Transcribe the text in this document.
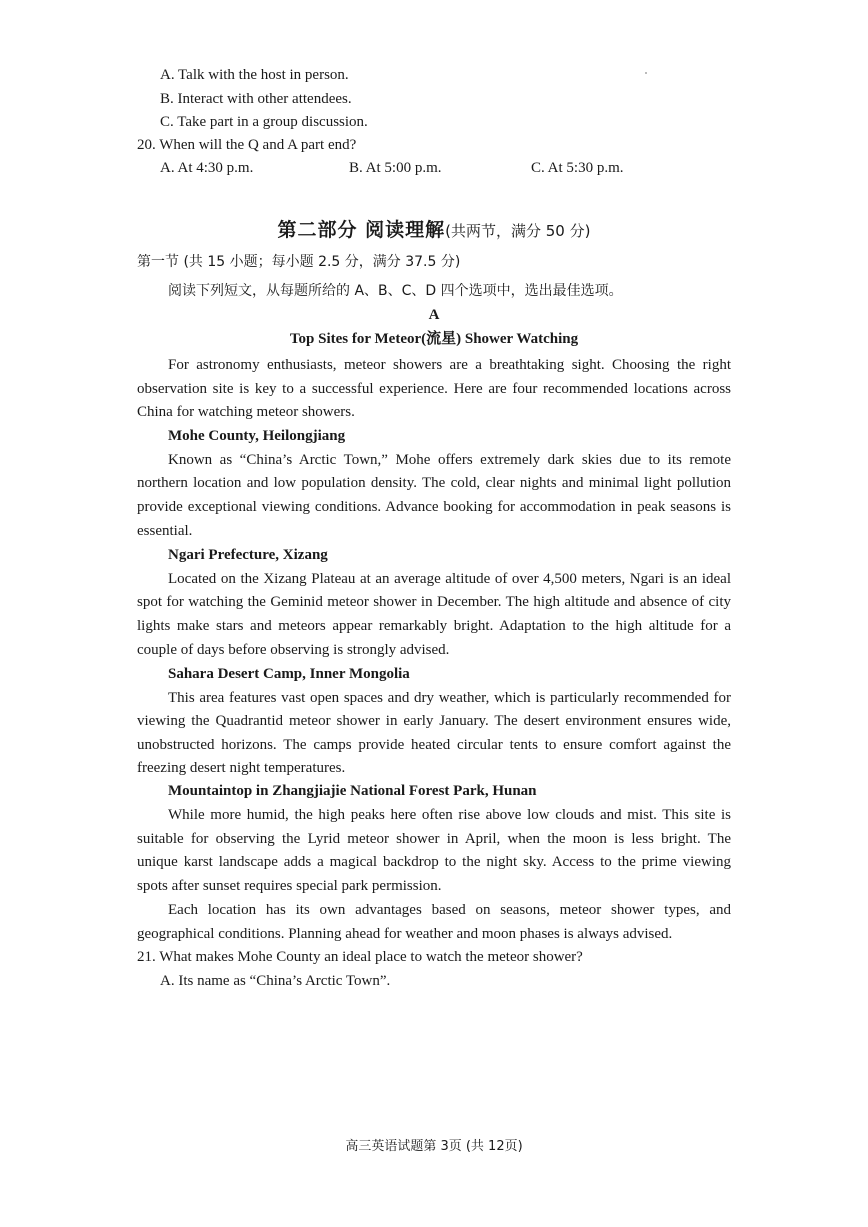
A. Talk with the host in person.
B. Interact with other attendees.
C. Take part in a group discussion.
20. When will the Q and A part end?
A. At 4:30 p.m.	B. At 5:00 p.m.	C. At 5:30 p.m.
第二部分 阅读理解(共两节，满分 50 分)
第一节 (共 15 小题；每小题 2.5 分，满分 37.5 分)
阅读下列短文，从每题所给的 A、B、C、D 四个选项中，选出最佳选项。
A
Top Sites for Meteor(流星) Shower Watching
For astronomy enthusiasts, meteor showers are a breathtaking sight. Choosing the right
observation site is key to a successful experience. Here are four recommended locations across
China for watching meteor showers.
Mohe County, Heilongjiang
Known as “China’s Arctic Town,” Mohe offers extremely dark skies due to its remote
northern location and low population density. The cold, clear nights and minimal light pollution
provide exceptional viewing conditions. Advance booking for accommodation in peak seasons is
essential.
Ngari Prefecture, Xizang
Located on the Xizang Plateau at an average altitude of over 4,500 meters, Ngari is an ideal
spot for watching the Geminid meteor shower in December. The high altitude and absence of city
lights make stars and meteors appear remarkably bright. Adaptation to the high altitude for a
couple of days before observing is strongly advised.
Sahara Desert Camp, Inner Mongolia
This area features vast open spaces and dry weather, which is particularly recommended for
viewing the Quadrantid meteor shower in early January. The desert environment ensures wide,
unobstructed horizons. The camps provide heated circular tents to ensure comfort against the
freezing desert night temperatures.
Mountaintop in Zhangjiajie National Forest Park, Hunan
While more humid, the high peaks here often rise above low clouds and mist. This site is
suitable for observing the Lyrid meteor shower in April, when the moon is less bright. The
unique karst landscape adds a magical backdrop to the night sky. Access to the prime viewing
spots after sunset requires special park permission.
Each location has its own advantages based on seasons, meteor shower types, and
geographical conditions. Planning ahead for weather and moon phases is always advised.
21. What makes Mohe County an ideal place to watch the meteor shower?
A. Its name as “China’s Arctic Town”.
高三英语试题第 3页 (共 12页)
